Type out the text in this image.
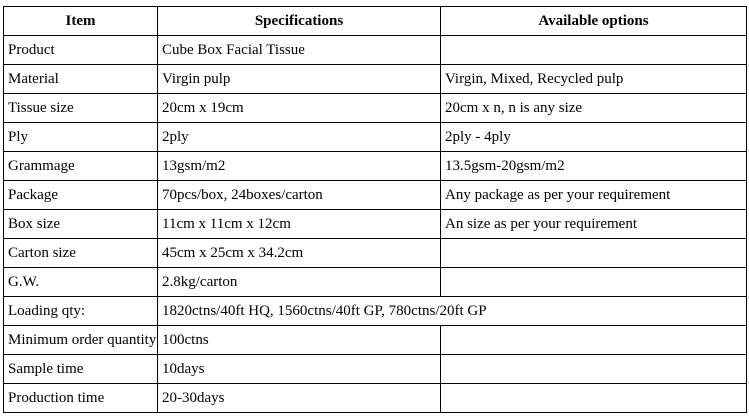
Item	Specifications	Available options
Product	Cube Box Facial Tissue	
Material	Virgin pulp	Virgin, Mixed, Recycled pulp
Tissue size	20cm x 19cm	20cm x n, n is any size
Ply	2ply	2ply - 4ply
Grammage	13gsm/m2	13.5gsm-20gsm/m2
Package	70pcs/box, 24boxes/carton	Any package as per your requirement
Box size	11cm x 11cm x 12cm	An size as per your requirement
Carton size	45cm x 25cm x 34.2cm	
G.W.	2.8kg/carton	
Loading qty:	1820ctns/40ft HQ, 1560ctns/40ft GP, 780ctns/20ft GP	
Minimum order quantity	100ctns	
Sample time	10days	
Production time	20-30days	
